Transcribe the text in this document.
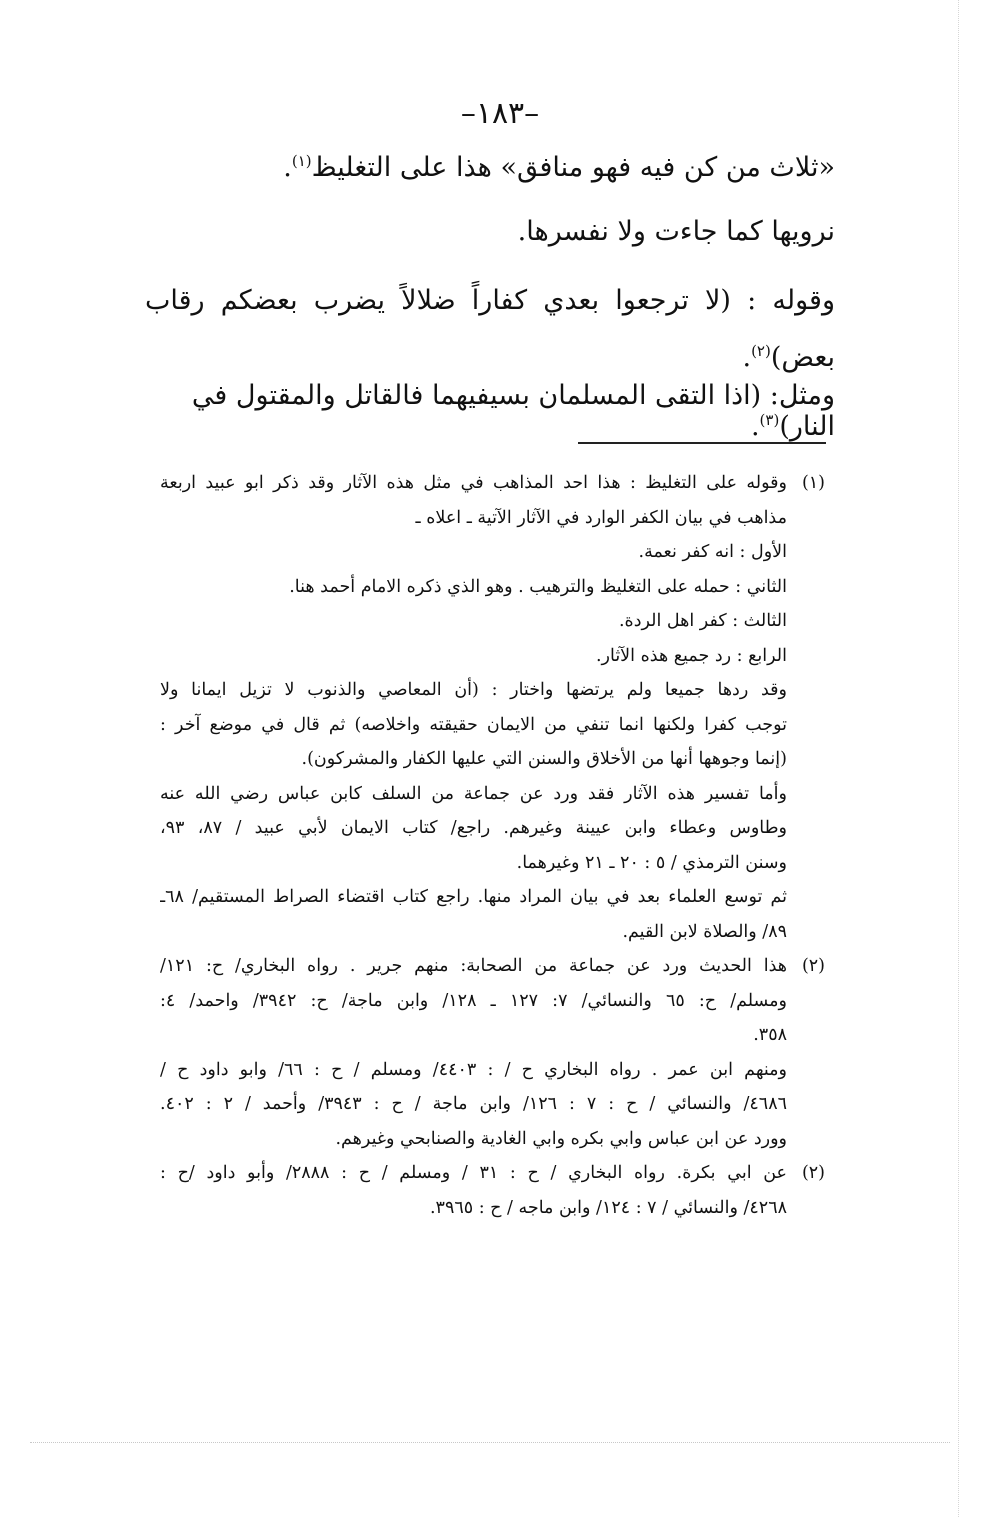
–١٨٣–

«ثلاث من كن فيه فهو منافق» هذا على التغليظ$^{(١)}$.

نرويها كما جاءت ولا نفسرها.

وقوله : (لا ترجعوا بعدي كفاراً ضلالاً يضرب بعضكم رقاب بعض)$^{(٢)}$.

ومثل: (اذا التقى المسلمان بسيفيهما فالقاتل والمقتول في النار)$^{(٣)}$.

(١)
وقوله على التغليظ : هذا احد المذاهب في مثل هذه الآثار وقد ذكر ابو عبيد اربعة
مذاهب في بيان الكفر الوارد في الآثار الآتية ـ اعلاه ـ
الأول : انه كفر نعمة.
الثاني : حمله على التغليظ والترهيب . وهو الذي ذكره الامام أحمد هنا.
الثالث : كفر اهل الردة.
الرابع : رد جميع هذه الآثار.
وقد ردها جميعا ولم يرتضها واختار : (أن المعاصي والذنوب لا تزيل ايمانا ولا
توجب كفرا ولكنها انما تنفي من الايمان حقيقته واخلاصه) ثم قال في موضع آخر :
(إنما وجوهها أنها من الأخلاق والسنن التي عليها الكفار والمشركون).
وأما تفسير هذه الآثار فقد ورد عن جماعة من السلف كابن عباس رضي الله عنه
وطاوس وعطاء وابن عيينة وغيرهم. راجع/ كتاب الايمان لأبي عبيد / ٨٧، ٩٣،
وسنن الترمذي / ٥ : ٢٠ ـ ٢١ وغيرهما.
ثم توسع العلماء بعد في بيان المراد منها. راجع كتاب اقتضاء الصراط المستقيم/ ٦٨ـ
٨٩/ والصلاة لابن القيم.
(٢)
هذا الحديث ورد عن جماعة من الصحابة: منهم جرير . رواه البخاري/ ح: ١٢١/
ومسلم/ ح: ٦٥ والنسائي/ ٧: ١٢٧ ـ ١٢٨/ وابن ماجة/ ح: ٣٩٤٢/ واحمد/ ٤:
٣٥٨.
ومنهم ابن عمر . رواه البخاري ح / : ٤٤٠٣/ ومسلم / ح : ٦٦/ وابو داود ح /
٤٦٨٦/ والنسائي / ح : ٧ : ١٢٦/ وابن ماجة / ح : ٣٩٤٣/ وأحمد / ٢ : ٤٠٢.
وورد عن ابن عباس وابي بكره وابي الغادية والصنابحي وغيرهم.
(٢)
عن ابي بكرة. رواه البخاري / ح : ٣١ / ومسلم / ح : ٢٨٨٨/ وأبو داود /ح :
٤٢٦٨/ والنسائي / ٧ : ١٢٤/ وابن ماجه / ح : ٣٩٦٥.
